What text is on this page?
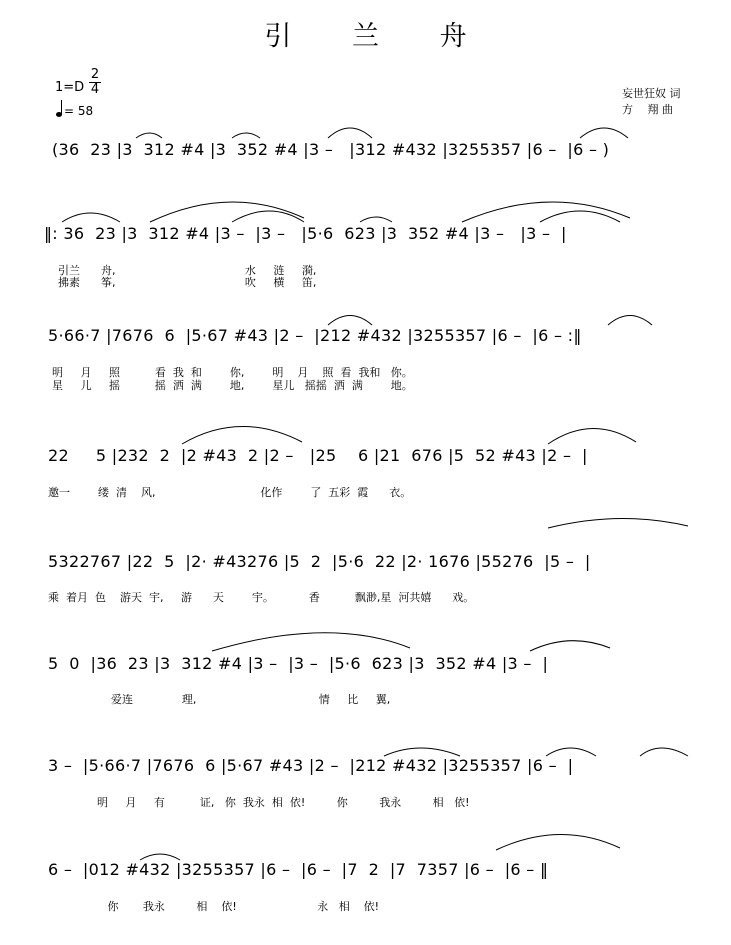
引 兰 舟
1=D
2
4
= 58
妄世狂奴 词
方　 翔 曲
(36  23 |3  312 #4 |3  352 #4 |3 –   |312 #432 |3255357 |6 –  |6 – )
‖: 36  23 |3  312 #4 |3 –  |3 –   |5·6  623 |3  352 #4 |3 –   |3 –  |
引兰      舟,                                     水     涟     漪,
拂素      筝,                                     吹     横     笛,
5·66·7 |7676  6  |5·67 #43 |2 –  |212 #432 |3255357 |6 –  |6 – :‖
明     月     照          看  我  和        你,        明    月    照  看  我和   你。
星     儿     摇          摇  洒  满        地,        星儿   摇摇  洒  满        地。
22     5 |232  2  |2 #43  2 |2 –   |25    6 |21  676 |5  52 #43 |2 –  |
邀一        缕  清    风,                              化作        了  五彩  霞      衣。
5322767 |22  5  |2· #43276 |5  2  |5·6  22 |2· 1676 |55276  |5 –  |
乘  着月  色    游天  宇,     游      天        宇。          香          飘渺,星  河共嬉      戏。
5  0  |36  23 |3  312 #4 |3 –  |3 –  |5·6  623 |3  352 #4 |3 –  |
爱连              理,                                   情     比     翼,
3 –  |5·66·7 |7676  6 |5·67 #43 |2 –  |212 #432 |3255357 |6 –  |
明     月     有          证,   你  我永  相  依!         你         我永         相   依!
6 –  |012 #432 |3255357 |6 –  |6 –  |7  2  |7  7357 |6 –  |6 – ‖
你       我永         相    依!                       永   相    依!
